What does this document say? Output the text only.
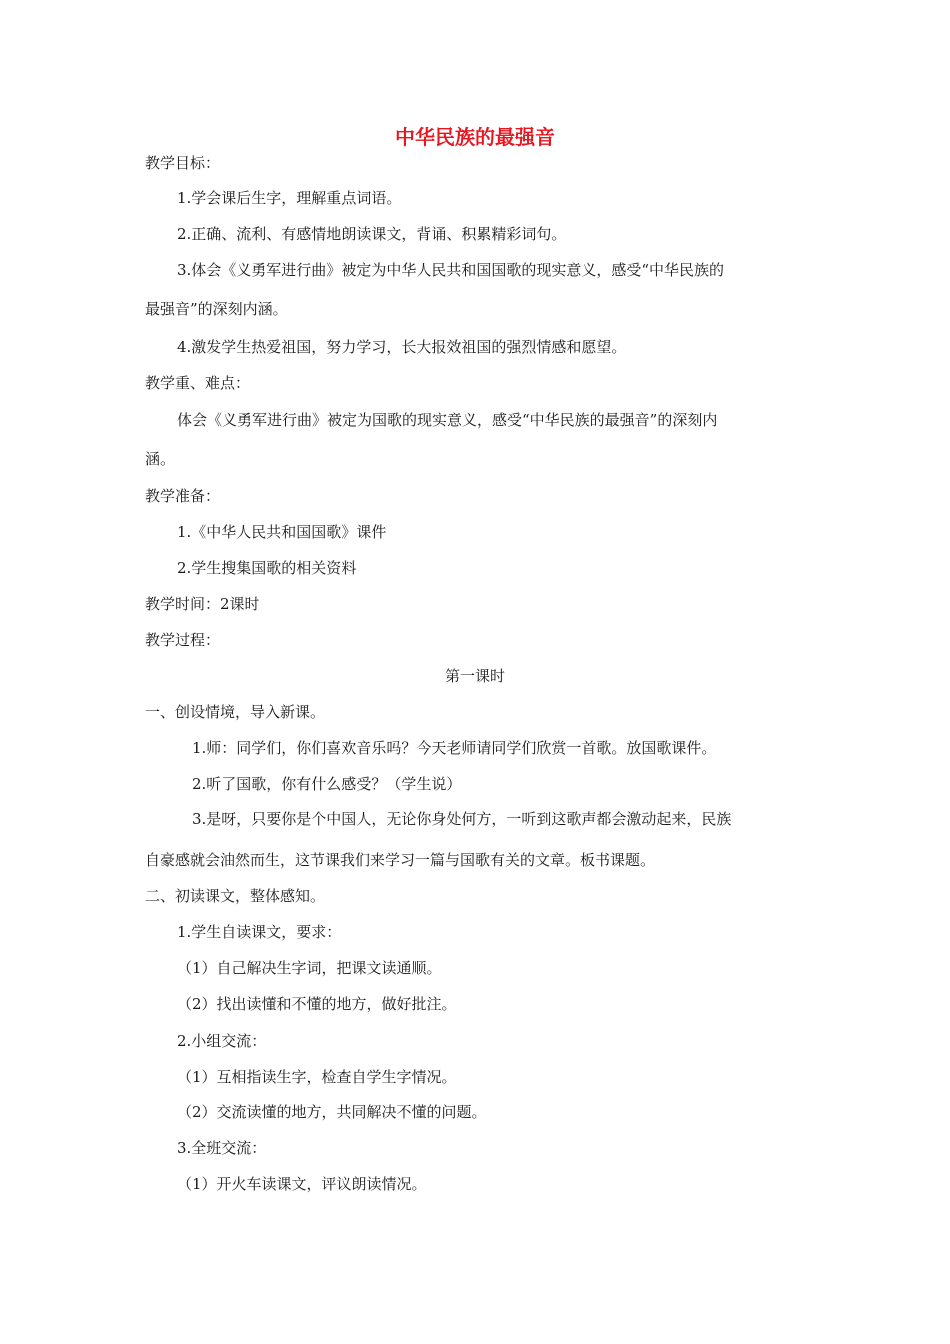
中华民族的最强音
教学目标：
1.学会课后生字，理解重点词语。
2.正确、流利、有感情地朗读课文，背诵、积累精彩词句。
3.体会《义勇军进行曲》被定为中华人民共和国国歌的现实意义，感受“中华民族的
最强音”的深刻内涵。
4.激发学生热爱祖国，努力学习，长大报效祖国的强烈情感和愿望。
教学重、难点：
体会《义勇军进行曲》被定为国歌的现实意义，感受“中华民族的最强音”的深刻内
涵。
教学准备：
1.《中华人民共和国国歌》课件
2.学生搜集国歌的相关资料
教学时间：2课时
教学过程：
第一课时
一、创设情境，导入新课。
1.师：同学们，你们喜欢音乐吗？今天老师请同学们欣赏一首歌。放国歌课件。
2.听了国歌，你有什么感受？（学生说）
3.是呀，只要你是个中国人，无论你身处何方，一听到这歌声都会激动起来，民族
自豪感就会油然而生，这节课我们来学习一篇与国歌有关的文章。板书课题。
二、初读课文，整体感知。
1.学生自读课文，要求：
（1）自己解决生字词，把课文读通顺。
（2）找出读懂和不懂的地方，做好批注。
2.小组交流：
（1）互相指读生字，检查自学生字情况。
（2）交流读懂的地方，共同解决不懂的问题。
3.全班交流：
（1）开火车读课文，评议朗读情况。
